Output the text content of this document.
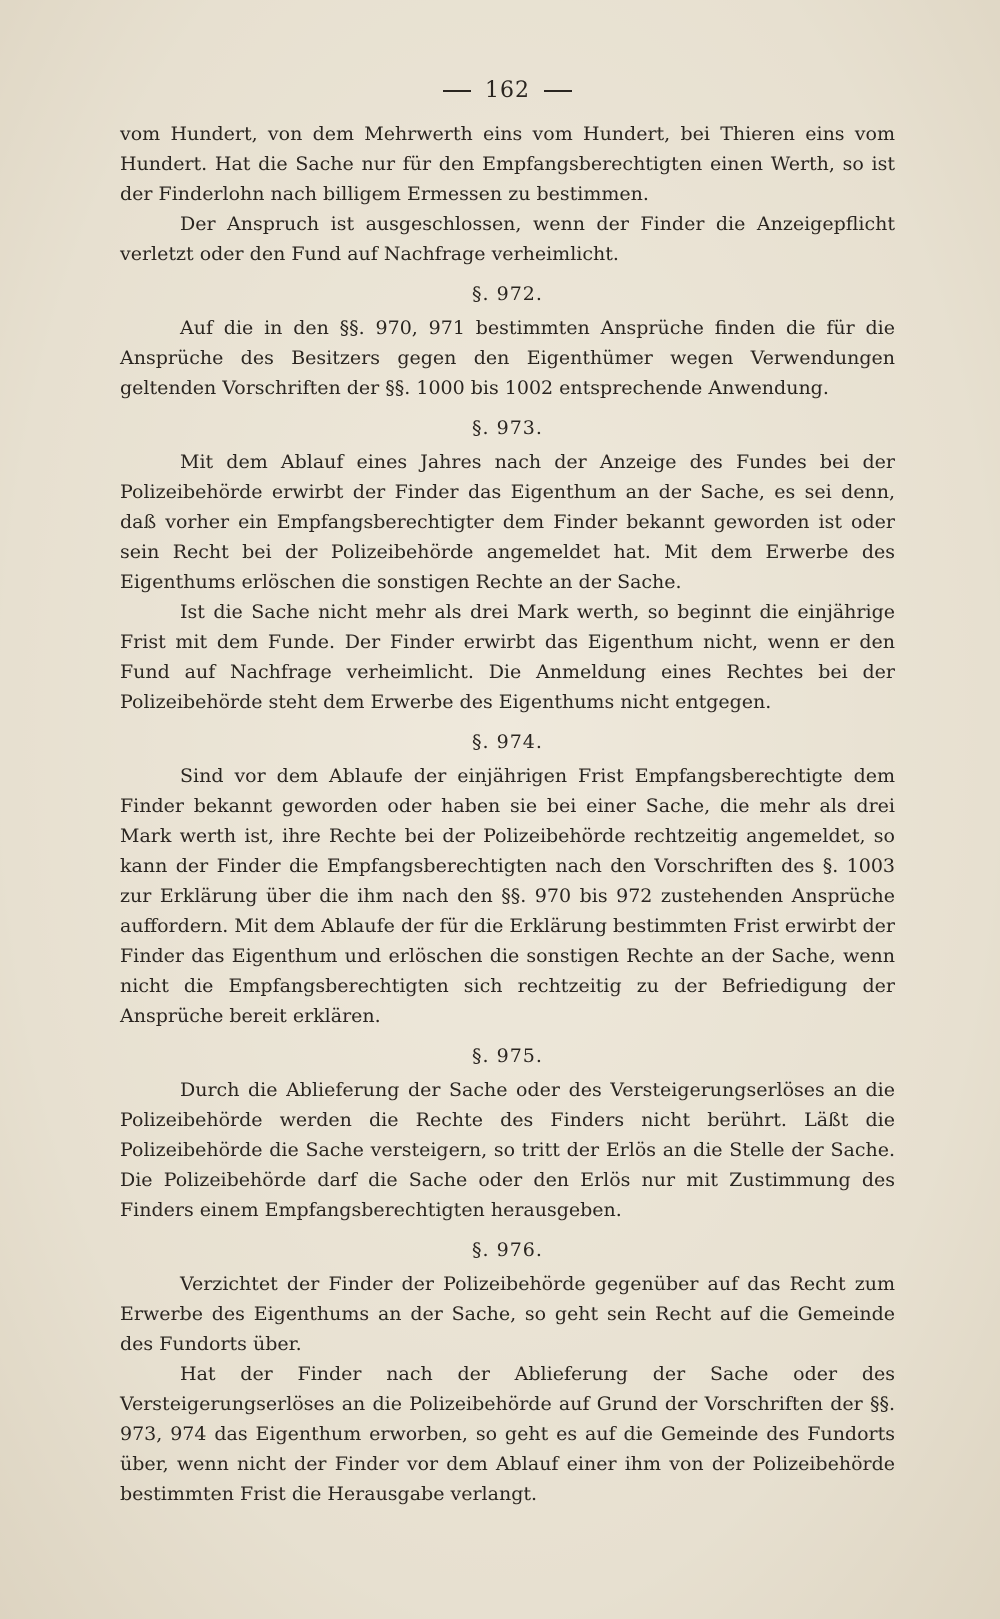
162

vom Hundert, von dem Mehrwerth eins vom Hundert, bei Thieren eins vom Hundert. Hat die Sache nur für den Empfangsberechtigten einen Werth, so ist der Finderlohn nach billigem Ermessen zu bestimmen.

Der Anspruch ist ausgeschlossen, wenn der Finder die Anzeigepflicht verletzt oder den Fund auf Nachfrage verheimlicht.

§. 972.

Auf die in den §§. 970, 971 bestimmten Ansprüche finden die für die Ansprüche des Besitzers gegen den Eigenthümer wegen Verwendungen geltenden Vorschriften der §§. 1000 bis 1002 entsprechende Anwendung.

§. 973.

Mit dem Ablauf eines Jahres nach der Anzeige des Fundes bei der Polizeibehörde erwirbt der Finder das Eigenthum an der Sache, es sei denn, daß vorher ein Empfangsberechtigter dem Finder bekannt geworden ist oder sein Recht bei der Polizeibehörde angemeldet hat. Mit dem Erwerbe des Eigenthums erlöschen die sonstigen Rechte an der Sache.

Ist die Sache nicht mehr als drei Mark werth, so beginnt die einjährige Frist mit dem Funde. Der Finder erwirbt das Eigenthum nicht, wenn er den Fund auf Nachfrage verheimlicht. Die Anmeldung eines Rechtes bei der Polizeibehörde steht dem Erwerbe des Eigenthums nicht entgegen.

§. 974.

Sind vor dem Ablaufe der einjährigen Frist Empfangsberechtigte dem Finder bekannt geworden oder haben sie bei einer Sache, die mehr als drei Mark werth ist, ihre Rechte bei der Polizeibehörde rechtzeitig angemeldet, so kann der Finder die Empfangsberechtigten nach den Vorschriften des §. 1003 zur Erklärung über die ihm nach den §§. 970 bis 972 zustehenden Ansprüche auffordern. Mit dem Ablaufe der für die Erklärung bestimmten Frist erwirbt der Finder das Eigenthum und erlöschen die sonstigen Rechte an der Sache, wenn nicht die Empfangsberechtigten sich rechtzeitig zu der Befriedigung der Ansprüche bereit erklären.

§. 975.

Durch die Ablieferung der Sache oder des Versteigerungserlöses an die Polizeibehörde werden die Rechte des Finders nicht berührt. Läßt die Polizeibehörde die Sache versteigern, so tritt der Erlös an die Stelle der Sache. Die Polizeibehörde darf die Sache oder den Erlös nur mit Zustimmung des Finders einem Empfangsberechtigten herausgeben.

§. 976.

Verzichtet der Finder der Polizeibehörde gegenüber auf das Recht zum Erwerbe des Eigenthums an der Sache, so geht sein Recht auf die Gemeinde des Fundorts über.

Hat der Finder nach der Ablieferung der Sache oder des Versteigerungserlöses an die Polizeibehörde auf Grund der Vorschriften der §§. 973, 974 das Eigenthum erworben, so geht es auf die Gemeinde des Fundorts über, wenn nicht der Finder vor dem Ablauf einer ihm von der Polizeibehörde bestimmten Frist die Herausgabe verlangt.
